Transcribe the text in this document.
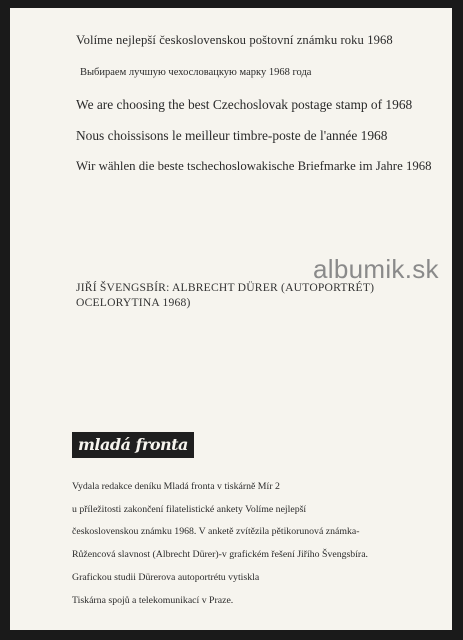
Volíme nejlepší československou poštovní známku roku 1968
Выбираем лучшую чехословацкую марку 1968 года
We are choosing the best Czechoslovak postage stamp of 1968
Nous choissisons le meilleur timbre-poste de l'année 1968
Wir wählen die beste tschechoslowakische Briefmarke im Jahre 1968
JIŘÍ ŠVENGSBÍR: ALBRECHT DÜRER (AUTOPORTRÉT)
OCELORYTINA 1968)
albumik.sk
mladá fronta
Vydala redakce deníku Mladá fronta v tiskárně Mír 2
u příležitosti zakončení filatelistické ankety Volíme nejlepší
československou známku 1968. V anketě zvítězila pětikorunová známka-
Růžencová slavnost (Albrecht Dürer)-v grafickém řešení Jiřího Švengsbíra.
Grafickou studii Dürerova autoportrétu vytiskla
Tiskárna spojů a telekomunikací v Praze.
